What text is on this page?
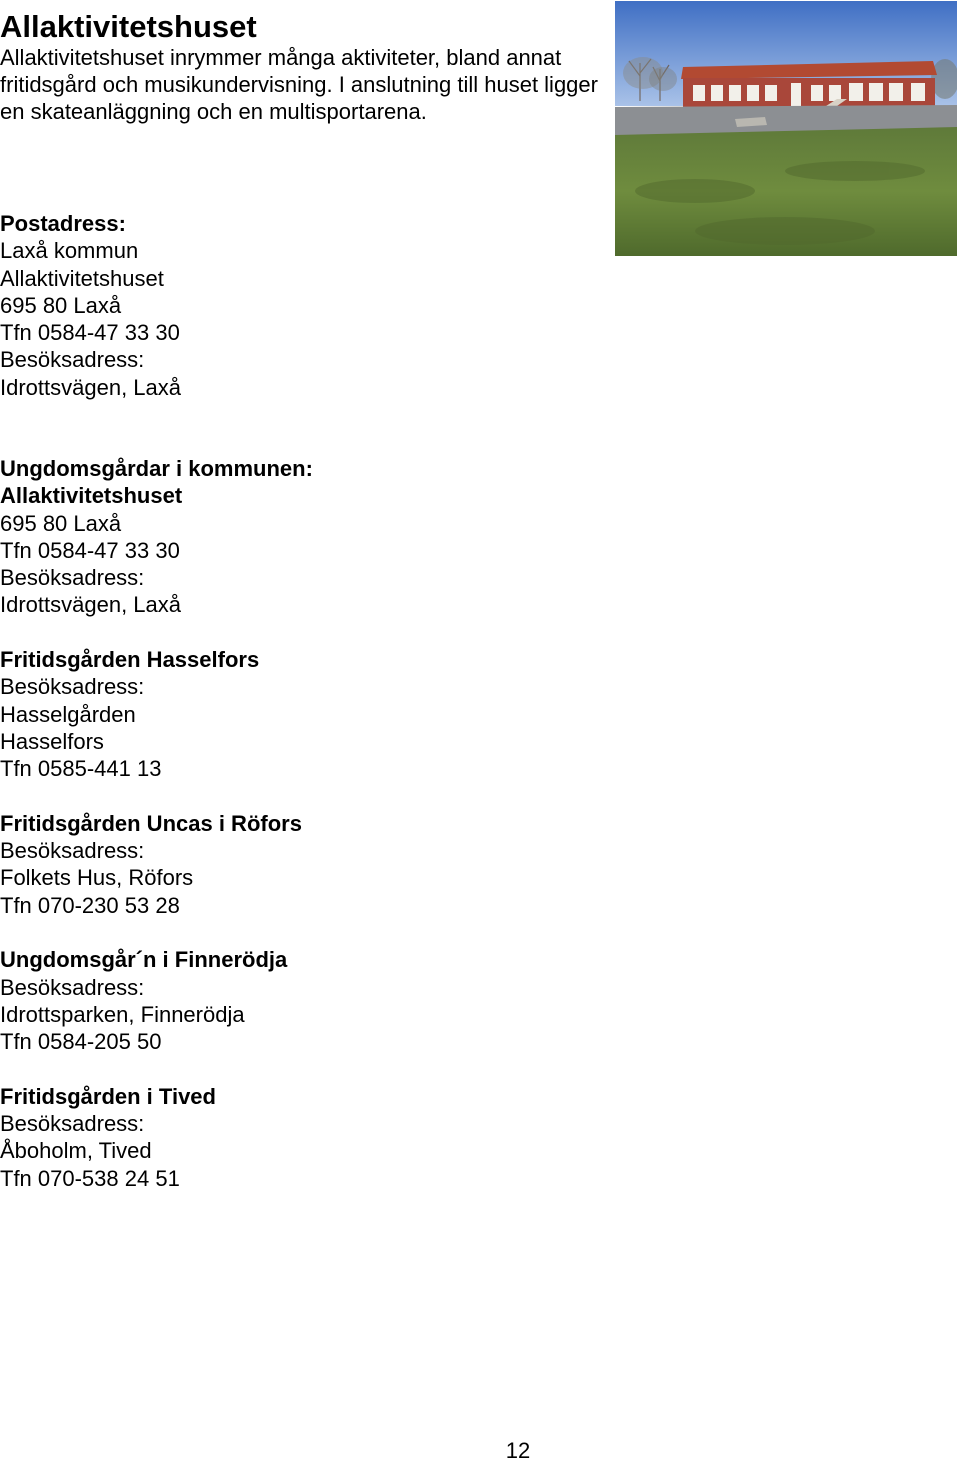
Allaktivitetshuset
Allaktivitetshuset inrymmer många aktiviteter, bland annat fritidsgård och musikundervisning. I anslutning till huset ligger en skateanläggning och en multisportarena.
Postadress:
Laxå kommun
Allaktivitetshuset
695 80 Laxå
Tfn 0584-47 33 30
Besöksadress:
Idrottsvägen, Laxå
Ungdomsgårdar i kommunen:
Allaktivitetshuset
695 80 Laxå
Tfn 0584-47 33 30
Besöksadress:
Idrottsvägen, Laxå
Fritidsgården Hasselfors
Besöksadress:
Hasselgården
Hasselfors
Tfn 0585-441 13
Fritidsgården Uncas i Röfors
Besöksadress:
Folkets Hus, Röfors
Tfn 070-230 53 28
Ungdomsgår´n i Finnerödja
Besöksadress:
Idrottsparken, Finnerödja
Tfn 0584-205 50
Fritidsgården i Tived
Besöksadress:
Åboholm, Tived
Tfn 070-538 24 51
12
